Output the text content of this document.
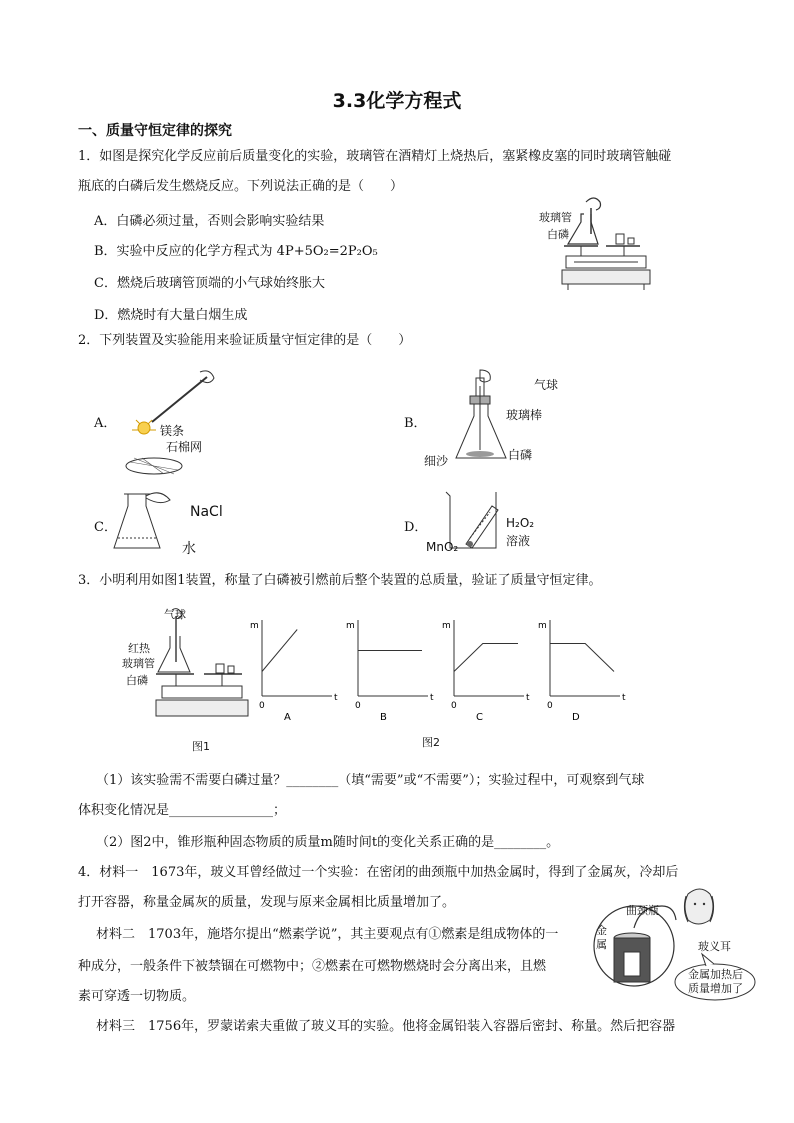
3.3化学方程式
一、质量守恒定律的探究
1．如图是探究化学反应前后质量变化的实验，玻璃管在酒精灯上烧热后，塞紧橡皮塞的同时玻璃管触碰
瓶底的白磷后发生燃烧反应。下列说法正确的是（　　）
A．白磷必须过量，否则会影响实验结果
B．实验中反应的化学方程式为 4P+5O₂=2P₂O₅
C．燃烧后玻璃管顶端的小气球始终胀大
D．燃烧时有大量白烟生成
玻璃管
白磷
2．下列装置及实验能用来验证质量守恒定律的是（　　）
A．	镁条
石棉网
B．
气球
玻璃棒
细沙	白磷
C．
NaCl
水
D．	H₂O₂
溶液
MnO₂
3．小明利用如图1装置，称量了白磷被引燃前后整个装置的总质量，验证了质量守恒定律。
气球
红热
玻璃管
白磷
图1
m
t
0
A
m
t
0
B
m
t
0
C
m
t
0
D
图2
（1）该实验需不需要白磷过量？________（填“需要”或“不需要”）；实验过程中，可观察到气球
体积变化情况是________________；
（2）图2中，锥形瓶种固态物质的质量m随时间t的变化关系正确的是________。
4．材料一　1673年，玻义耳曾经做过一个实验：在密闭的曲颈瓶中加热金属时，得到了金属灰，冷却后
打开容器，称量金属灰的质量，发现与原来金属相比质量增加了。
材料二　1703年，施塔尔提出“燃素学说”，其主要观点有①燃素是组成物体的一
种成分，一般条件下被禁锢在可燃物中；②燃素在可燃物燃烧时会分离出来，且燃
素可穿透一切物质。
材料三　1756年，罗蒙诺索夫重做了玻义耳的实验。他将金属铅装入容器后密封、称量。然后把容器
曲颈瓶
金
属	玻义耳
金属加热后
质量增加了
